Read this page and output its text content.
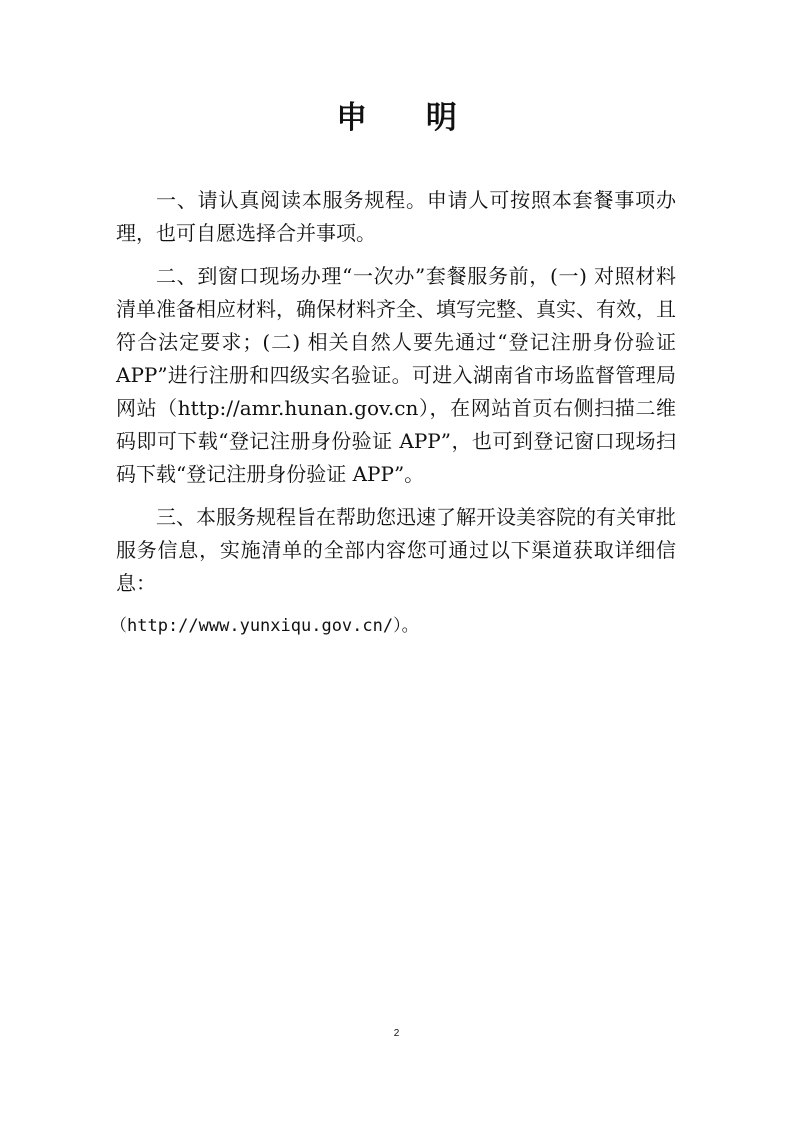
申 明

一、请认真阅读本服务规程。申请人可按照本套餐事项办理，也可自愿选择合并事项。

二、到窗口现场办理“一次办”套餐服务前，(一) 对照材料清单准备相应材料，确保材料齐全、填写完整、真实、有效，且符合法定要求；(二) 相关自然人要先通过“登记注册身份验证 APP”进行注册和四级实名验证。可进入湖南省市场监督管理局网站（http://amr.hunan.gov.cn），在网站首页右侧扫描二维码即可下载“登记注册身份验证 APP”，也可到登记窗口现场扫码下载“登记注册身份验证 APP”。

三、本服务规程旨在帮助您迅速了解开设美容院的有关审批服务信息，实施清单的全部内容您可通过以下渠道获取详细信息：

（http://www.yunxiqu.gov.cn/）。

2
